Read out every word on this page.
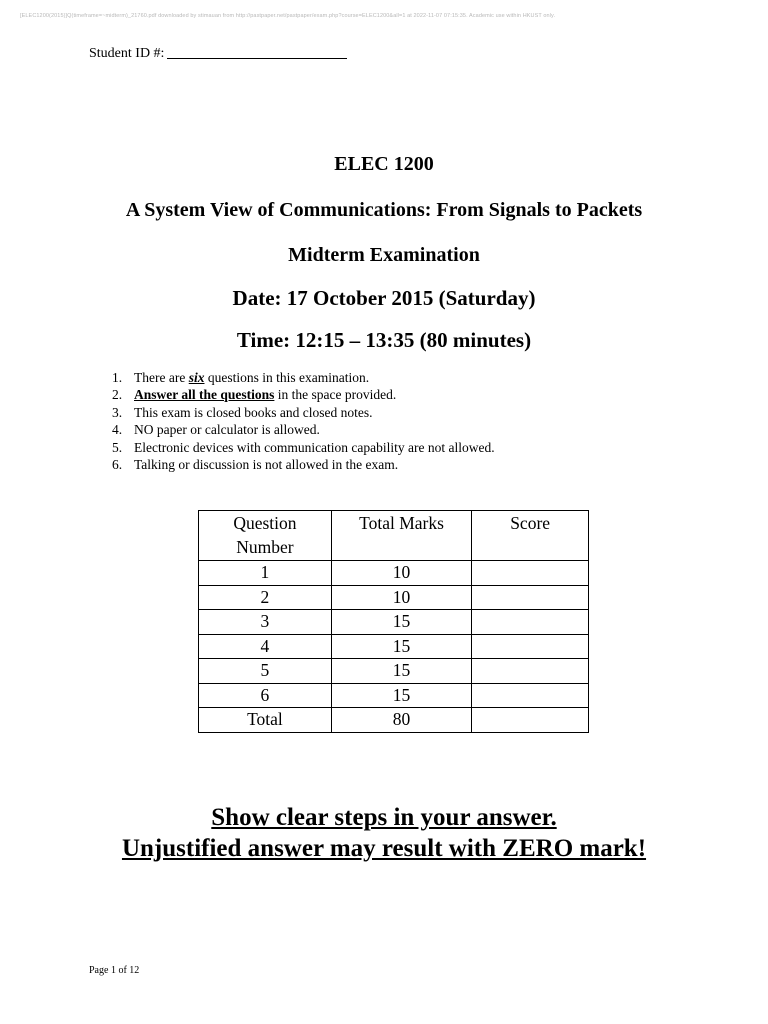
[ELEC1200(2015)]Q(timeframe=~midterm)_21760.pdf downloaded by stimauan from http://pastpaper.net/pastpaper/exam.php?course=ELEC1200&all=1 at 2022-11-07 07:15:35. Academic use within HKUST only.
Student ID #:
ELEC 1200
A System View of Communications: From Signals to Packets
Midterm Examination
Date: 17 October 2015 (Saturday)
Time: 12:15 – 13:35 (80 minutes)
1. There are six questions in this examination.
2. Answer all the questions in the space provided.
3. This exam is closed books and closed notes.
4. NO paper or calculator is allowed.
5. Electronic devices with communication capability are not allowed.
6. Talking or discussion is not allowed in the exam.
Question
Number	Total Marks	Score
1	10	
2	10	
3	15	
4	15	
5	15	
6	15	
Total	80	
Show clear steps in your answer.
Unjustified answer may result with ZERO mark!
Page 1 of 12
